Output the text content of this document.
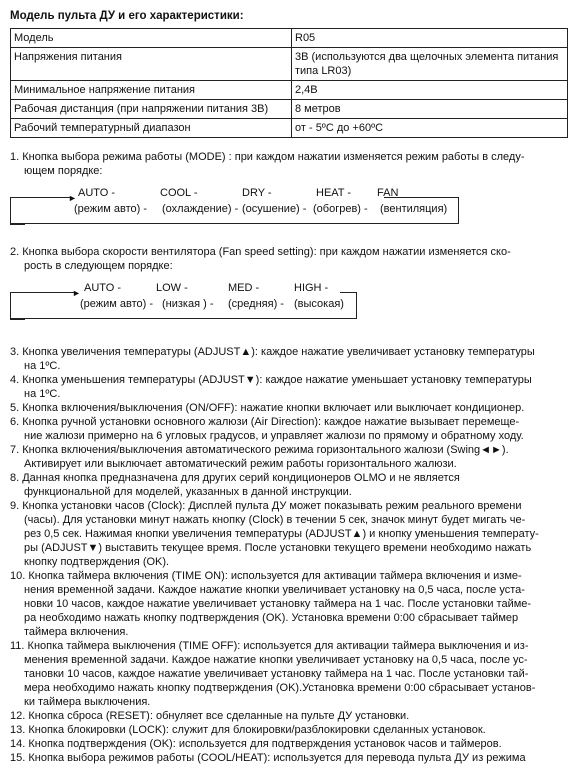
Модель пульта ДУ и его характеристики:
Модель	R05
Напряжения питания	3В (используются два щелочных элемента питания типа LR03)
Минимальное напряжение питания	2,4В
Рабочая дистанция (при напряжении питания 3В)	8 метров
Рабочий температурный диапазон	от - 5ºС до +60ºС
1. Кнопка выбора режима работы (MODE) : при каждом нажатии изменяется режим работы в следу-
ющем порядке:
► AUTO -	COOL -	DRY -	HEAT - FAN
(режим авто) - (охлаждение) - (осушение) - (обогрев) - (вентиляция)
2. Кнопка выбора скорости вентилятора (Fan speed setting): при каждом нажатии изменяется ско-
рость в следующем порядке:
► AUTO -	LOW -	MED -	HIGH -
(режим авто) - (низкая ) - (средняя) - (высокая)
3. Кнопка увеличения температуры (ADJUST▲): каждое нажатие увеличивает установку температуры
на 1ºС.
4. Кнопка уменьшения температуры (ADJUST▼): каждое нажатие уменьшает установку температуры
на 1ºС.
5. Кнопка включения/выключения (ON/OFF): нажатие кнопки включает или выключает кондиционер.
6. Кнопка ручной установки основного жалюзи (Air Direction): каждое нажатие вызывает перемеще-
ние жалюзи примерно на 6 угловых градусов, и управляет жалюзи по прямому и обратному ходу.
7. Кнопка включения/выключения автоматического режима горизонтального жалюзи (Swing◄►).
Активирует или выключает автоматический режим работы горизонтального жалюзи.
8. Данная кнопка предназначена для других серий кондиционеров OLMO и не является
функциональной для моделей, указанных в данной инструкции.
9. Кнопка установки часов (Clock): Дисплей пульта ДУ может показывать режим реального времени
(часы). Для установки минут нажать кнопку (Clock) в течении 5 сек, значок минут будет мигать че-
рез 0,5 сек. Нажимая кнопки увеличения температуры (ADJUST▲) и кнопку уменьшения температу-
ры (ADJUST▼) выставить текущее время. После установки текущего времени необходимо нажать
кнопку подтверждения (OK).
10. Кнопка таймера включения (TIME ON): используется для активации таймера включения и изме-
нения временной задачи. Каждое нажатие кнопки увеличивает установку на 0,5 часа, после уста-
новки 10 часов, каждое нажатие увеличивает установку таймера на 1 час. После установки тайме-
ра необходимо нажать кнопку подтверждения (OK). Установка времени 0:00 сбрасывает таймер
таймера включения.
11. Кнопка таймера выключения (TIME OFF): используется для активации таймера выключения и из-
менения временной задачи. Каждое нажатие кнопки увеличивает установку на 0,5 часа, после ус-
тановки 10 часов, каждое нажатие увеличивает установку таймера на 1 час. После установки тай-
мера необходимо нажать кнопку подтверждения (OK).Установка времени 0:00 сбрасывает установ-
ки таймера выключения.
12. Кнопка сброса (RESET): обнуляет все сделанные на пульте ДУ установки.
13. Кнопка блокировки (LOCK): служит для блокировки/разблокировки сделанных установок.
14. Кнопка подтверждения (OK): используется для подтверждения установок часов и таймеров.
15. Кнопка выбора режимов работы (COOL/HEAT): используется для перевода пульта ДУ из режима
